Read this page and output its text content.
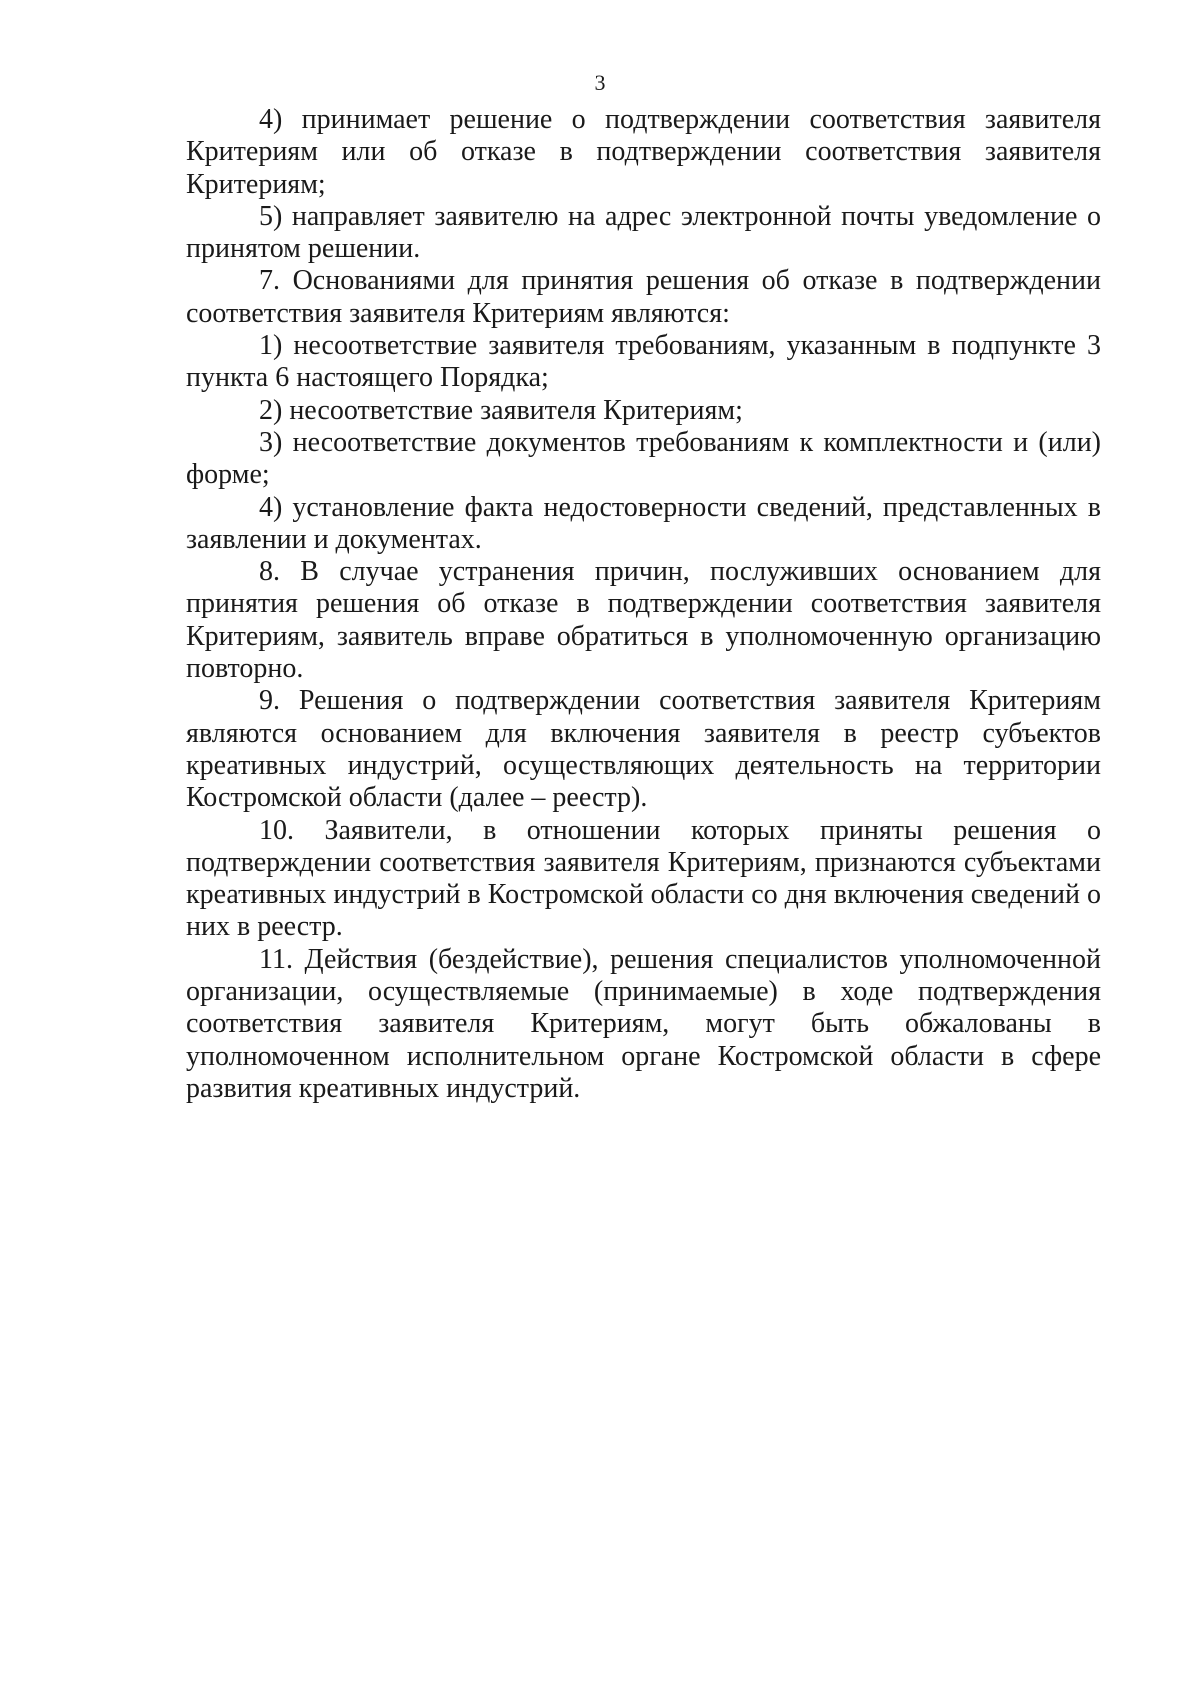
3

4) принимает решение о подтверждении соответствия заявителя Критериям или об отказе в подтверждении соответствия заявителя Критериям;

5) направляет заявителю на адрес электронной почты уведомление о принятом решении.

7. Основаниями для принятия решения об отказе в подтверждении соответствия заявителя Критериям являются:

1) несоответствие заявителя требованиям, указанным в подпункте 3 пункта 6 настоящего Порядка;

2) несоответствие заявителя Критериям;

3) несоответствие документов требованиям к комплектности и (или) форме;

4) установление факта недостоверности сведений, представленных в заявлении и документах.

8. В случае устранения причин, послуживших основанием для принятия решения об отказе в подтверждении соответствия заявителя Критериям, заявитель вправе обратиться в уполномоченную организацию повторно.

9. Решения о подтверждении соответствия заявителя Критериям являются основанием для включения заявителя в реестр субъектов креативных индустрий, осуществляющих деятельность на территории Костромской области (далее – реестр).

10. Заявители, в отношении которых приняты решения о подтверждении соответствия заявителя Критериям, признаются субъектами креативных индустрий в Костромской области со дня включения сведений о них в реестр.

11. Действия (бездействие), решения специалистов уполномоченной организации, осуществляемые (принимаемые) в ходе подтверждения соответствия заявителя Критериям, могут быть обжалованы в уполномоченном исполнительном органе Костромской области в сфере развития креативных индустрий.
